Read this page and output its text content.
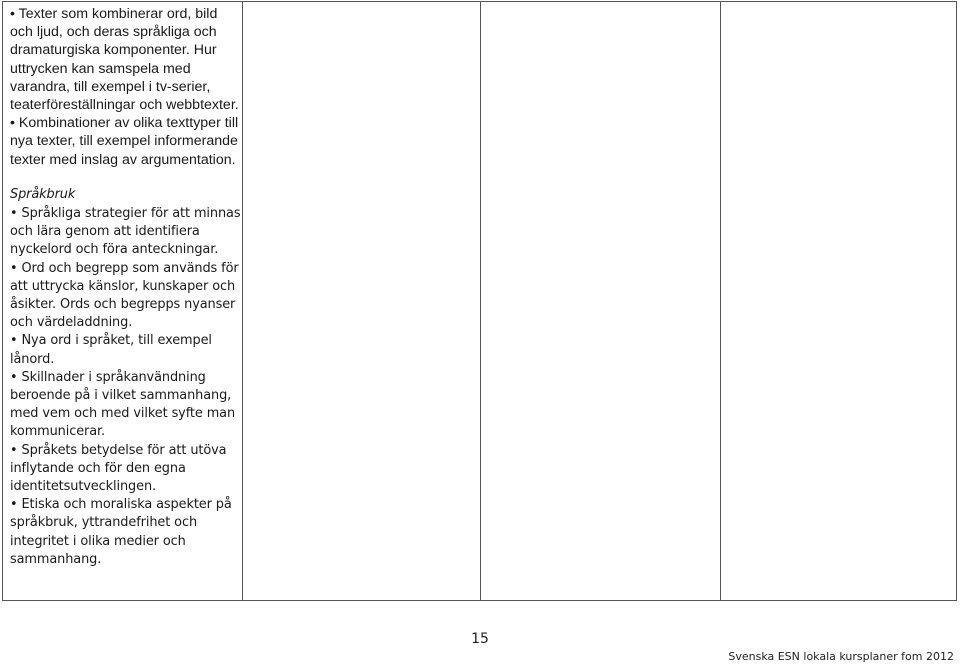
• Texter som kombinerar ord, bild och ljud, och deras språkliga och dramaturgiska komponenter. Hur uttrycken kan samspela med varandra, till exempel i tv-serier, teaterföreställningar och webbtexter.

• Kombinationer av olika texttyper till nya texter, till exempel informerande texter med inslag av argumentation.

Språkbruk

• Språkliga strategier för att minnas och lära genom att identifiera nyckelord och föra anteckningar.

• Ord och begrepp som används för att uttrycka känslor, kunskaper och åsikter. Ords och begrepps nyanser och värdeladdning.

• Nya ord i språket, till exempel lånord.

• Skillnader i språkanvändning beroende på i vilket sammanhang, med vem och med vilket syfte man kommunicerar.

• Språkets betydelse för att utöva inflytande och för den egna identitetsutvecklingen.

• Etiska och moraliska aspekter på språkbruk, yttrandefrihet och integritet i olika medier och sammanhang.

15
Svenska ESN lokala kursplaner fom 2012
